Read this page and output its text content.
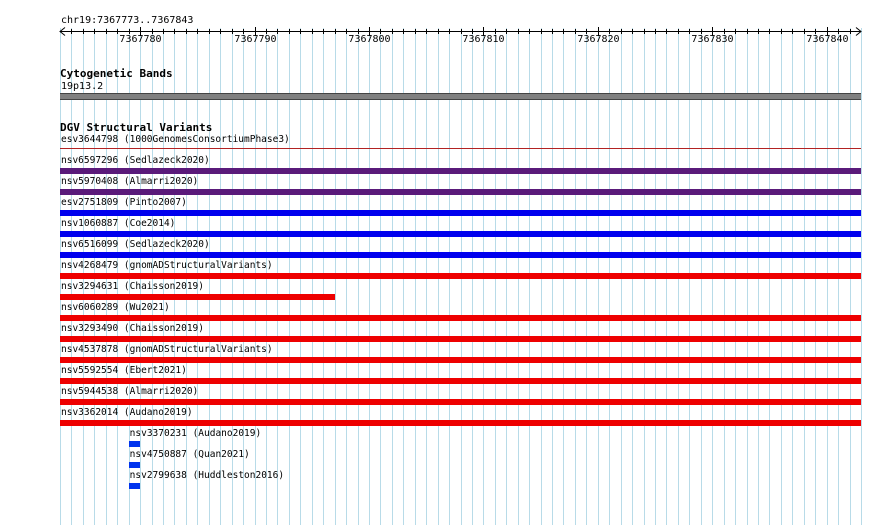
chr19:7367773..7367843
7367780	7367790	7367800	7367810	7367820	7367830	7367840
Cytogenetic Bands
19p13.2
DGV Structural Variants
esv3644798 (1000GenomesConsortiumPhase3)
nsv6597296 (Sedlazeck2020)
nsv5970408 (Almarri2020)
esv2751809 (Pinto2007)
nsv1060887 (Coe2014)
nsv6516099 (Sedlazeck2020)
nsv4268479 (gnomADStructuralVariants)
nsv3294631 (Chaisson2019)
nsv6060289 (Wu2021)
nsv3293490 (Chaisson2019)
nsv4537878 (gnomADStructuralVariants)
nsv5592554 (Ebert2021)
nsv5944538 (Almarri2020)
nsv3362014 (Audano2019)
nsv3370231 (Audano2019)
nsv4750887 (Quan2021)
nsv2799638 (Huddleston2016)
